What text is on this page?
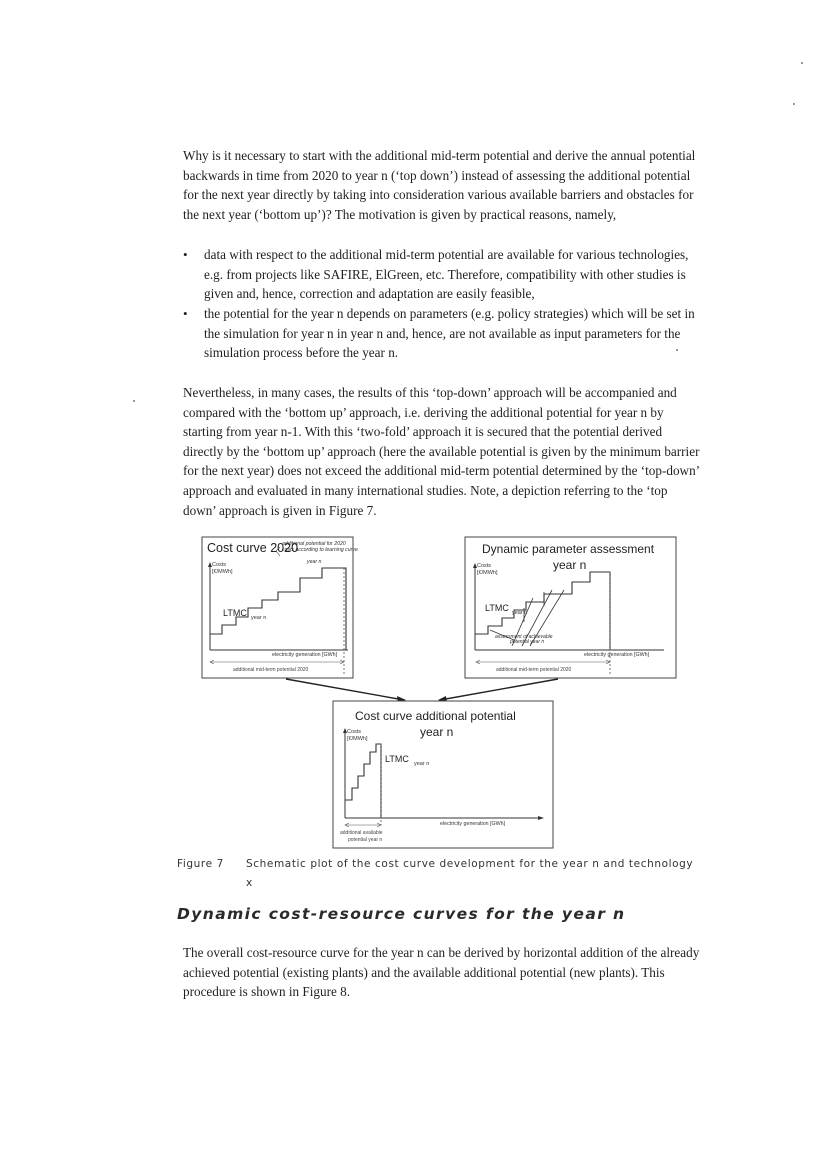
Why is it necessary to start with the additional mid-term potential and derive the annual potential backwards in time from 2020 to year n (‘top down’) instead of assessing the additional potential for the next year directly by taking into consideration various available barriers and obstacles for the next year (‘bottom up’)? The motivation is given by practical reasons, namely,

• data with respect to the additional mid-term potential are available for various technologies, e.g. from projects like SAFIRE, ElGreen, etc. Therefore, compatibility with other studies is given and, hence, correction and adaptation are easily feasible,
• the potential for the year n depends on parameters (e.g. policy strategies) which will be set in the simulation for year n in year n and, hence, are not available as input parameters for the simulation process before the year n.

Nevertheless, in many cases, the results of this ‘top-down’ approach will be accompanied and compared with the ‘bottom up’ approach, i.e. deriving the additional potential for year n by starting from year n-1. With this ‘two-fold’ approach it is secured that the potential derived directly by the ‘bottom up’ approach (here the available potential is given by the minimum barrier for the next year) does not exceed the additional mid-term potential determined by the ‘top-down’ approach and evaluated in many international studies. Note, a depiction referring to the ‘top down’ approach is given in Figure 7.

Cost curve 2020
additional potential for 2020
costs according to learning curve
year n
Costs
[€/MWh]
LTMC year n
electricity generation [GWh]
additional mid-term potential 2020
Dynamic parameter assessment
year n
Costs
[€/MWh]
LTMC year n
assessment of achievable
potential year n
electricity generation [GWh]
additional mid-term potential 2020
Cost curve additional potential
year n
Costs
[€/MWh]
LTMC year n
electricity generation [GWh]
additional available
potential year n
Figure 7 Schematic plot of the cost curve development for the year n and technology x
Dynamic cost-resource curves for the year n

The overall cost-resource curve for the year n can be derived by horizontal addition of the already achieved potential (existing plants) and the available additional potential (new plants). This procedure is shown in Figure 8.
